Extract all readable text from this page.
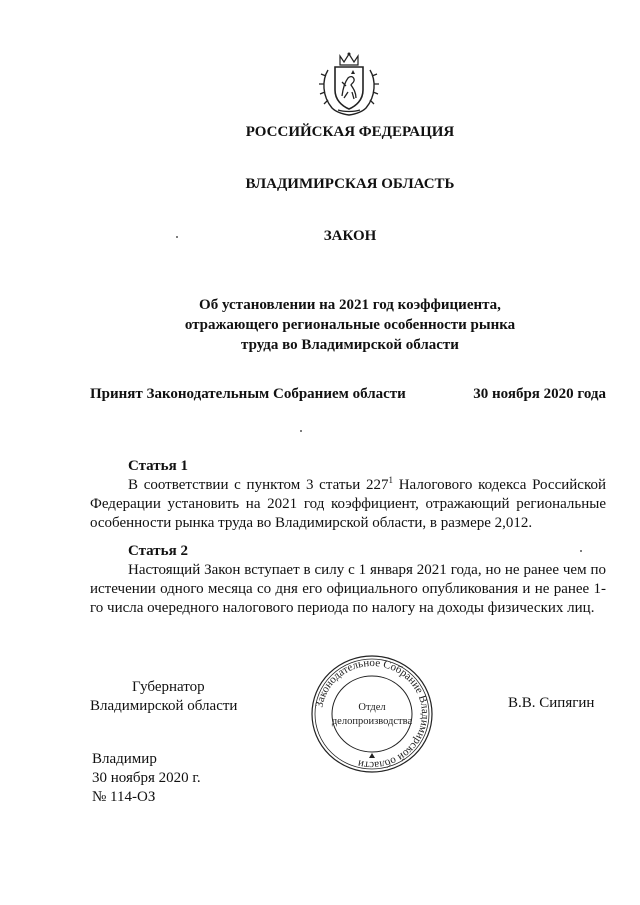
РОССИЙСКАЯ ФЕДЕРАЦИЯ
ВЛАДИМИРСКАЯ ОБЛАСТЬ
ЗАКОН
Об установлении на 2021 год коэффициента,
отражающего региональные особенности рынка
труда во Владимирской области
Принят Законодательным Собранием области	30 ноября 2020 года
Статья 1
В соответствии с пунктом 3 статьи $227^1$ Налогового кодекса Российской Федерации установить на 2021 год коэффициент, отражающий региональные особенности рынка труда во Владимирской области, в размере 2,012.
Статья 2
Настоящий Закон вступает в силу с 1 января 2021 года, но не ранее чем по истечении одного месяца со дня его официального опубликования и не ранее 1-го числа очередного налогового периода по налогу на доходы физических лиц.
Губернатор
Владимирской области	Законодательное Собрание Владимирской области
Отдел
делопроизводства
В.В. Сипягин
Владимир
30 ноября 2020 г.
№ 114-ОЗ
